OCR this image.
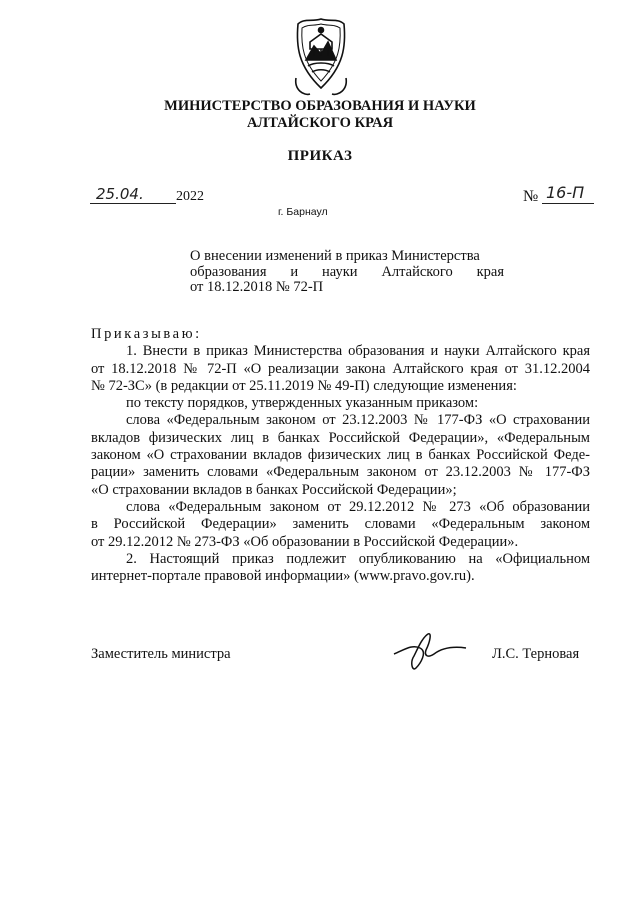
МИНИСТЕРСТВО ОБРАЗОВАНИЯ И НАУКИ
АЛТАЙСКОГО КРАЯ
ПРИКАЗ
25.04. 2022	№ 16-П
г. Барнаул
О внесении изменений в приказ Министерства
образования и науки Алтайского края
от 18.12.2018 № 72-П

Приказываю:

1. Внести в приказ Министерства образования и науки Алтайского края

от 18.12.2018 № 72-П «О реализации закона Алтайского края от 31.12.2004

№ 72-ЗС» (в редакции от 25.11.2019 № 49-П) следующие изменения:

по тексту порядков, утвержденных указанным приказом:

слова «Федеральным законом от 23.12.2003 № 177-ФЗ «О страховании

вкладов физических лиц в банках Российской Федерации», «Федеральным

законом «О страховании вкладов физических лиц в банках Российской Феде-

рации» заменить словами «Федеральным законом от 23.12.2003 № 177-ФЗ

«О страховании вкладов в банках Российской Федерации»;

слова «Федеральным законом от 29.12.2012 № 273 «Об образовании

в Российской Федерации» заменить словами «Федеральным законом

от 29.12.2012 № 273-ФЗ «Об образовании в Российской Федерации».

2. Настоящий приказ подлежит опубликованию на «Официальном

интернет-портале правовой информации» (www.pravo.gov.ru).

Заместитель министра	Л.С. Терновая
